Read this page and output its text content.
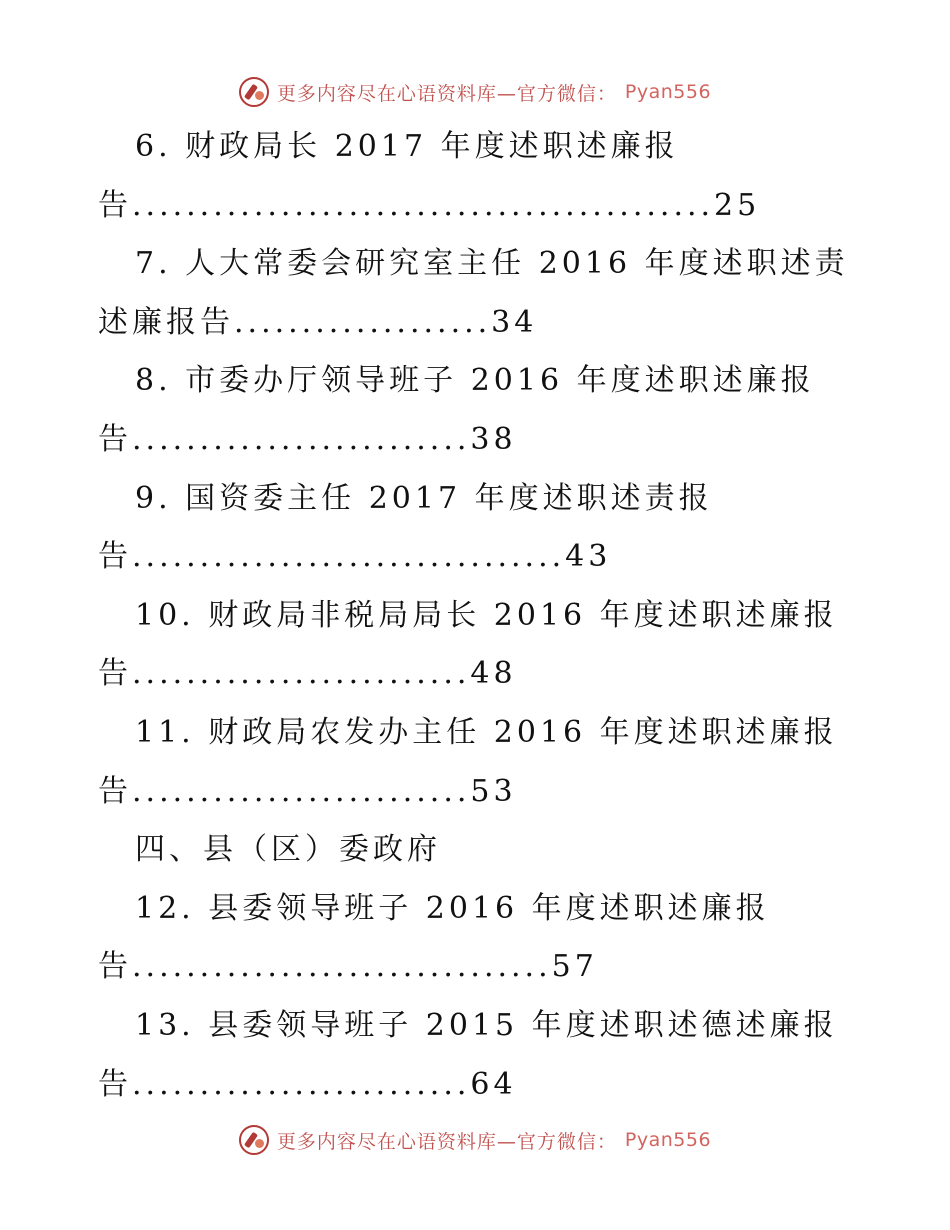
更多内容尽在心语资料库—官方微信： Pyan556
6. 财政局长 2017 年度述职述廉报
告...........................................25
7. 人大常委会研究室主任 2016 年度述职述责
述廉报告...................34
8. 市委办厅领导班子 2016 年度述职述廉报
告.........................38
9. 国资委主任 2017 年度述职述责报
告................................43
10. 财政局非税局局长 2016 年度述职述廉报
告.........................48
11. 财政局农发办主任 2016 年度述职述廉报
告.........................53
四、县（区）委政府
12. 县委领导班子 2016 年度述职述廉报
告...............................57
13. 县委领导班子 2015 年度述职述德述廉报
告.........................64
更多内容尽在心语资料库—官方微信： Pyan556
